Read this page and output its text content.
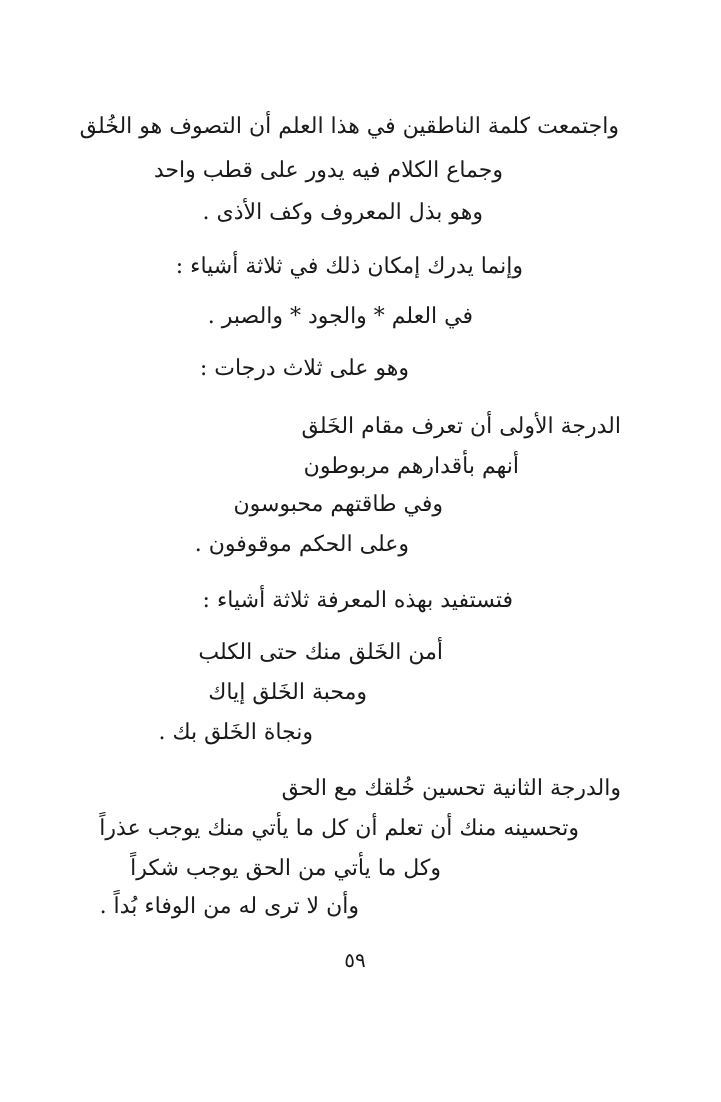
واجتمعت كلمة الناطقين في هذا العلم أن التصوف هو الخُلق

وجماع الكلام فيه يدور على قطب واحد

وهو بذل المعروف وكف الأذى .

وإنما يدرك إمكان ذلك في ثلاثة أشياء :

في العلم * والجود * والصبر .

وهو على ثلاث درجات :

الدرجة الأولى أن تعرف مقام الخَلق

أنهم بأقدارهم مربوطون

وفي طاقتهم محبوسون

وعلى الحكم موقوفون .

فتستفيد بهذه المعرفة ثلاثة أشياء :

أمن الخَلق منك حتى الكلب

ومحبة الخَلق إياك

ونجاة الخَلق بك .

والدرجة الثانية تحسين خُلقك مع الحق

وتحسينه منك أن تعلم أن كل ما يأتي منك يوجب عذراً

وكل ما يأتي من الحق يوجب شكراً

وأن لا ترى له من الوفاء بُداً .

٥٩
